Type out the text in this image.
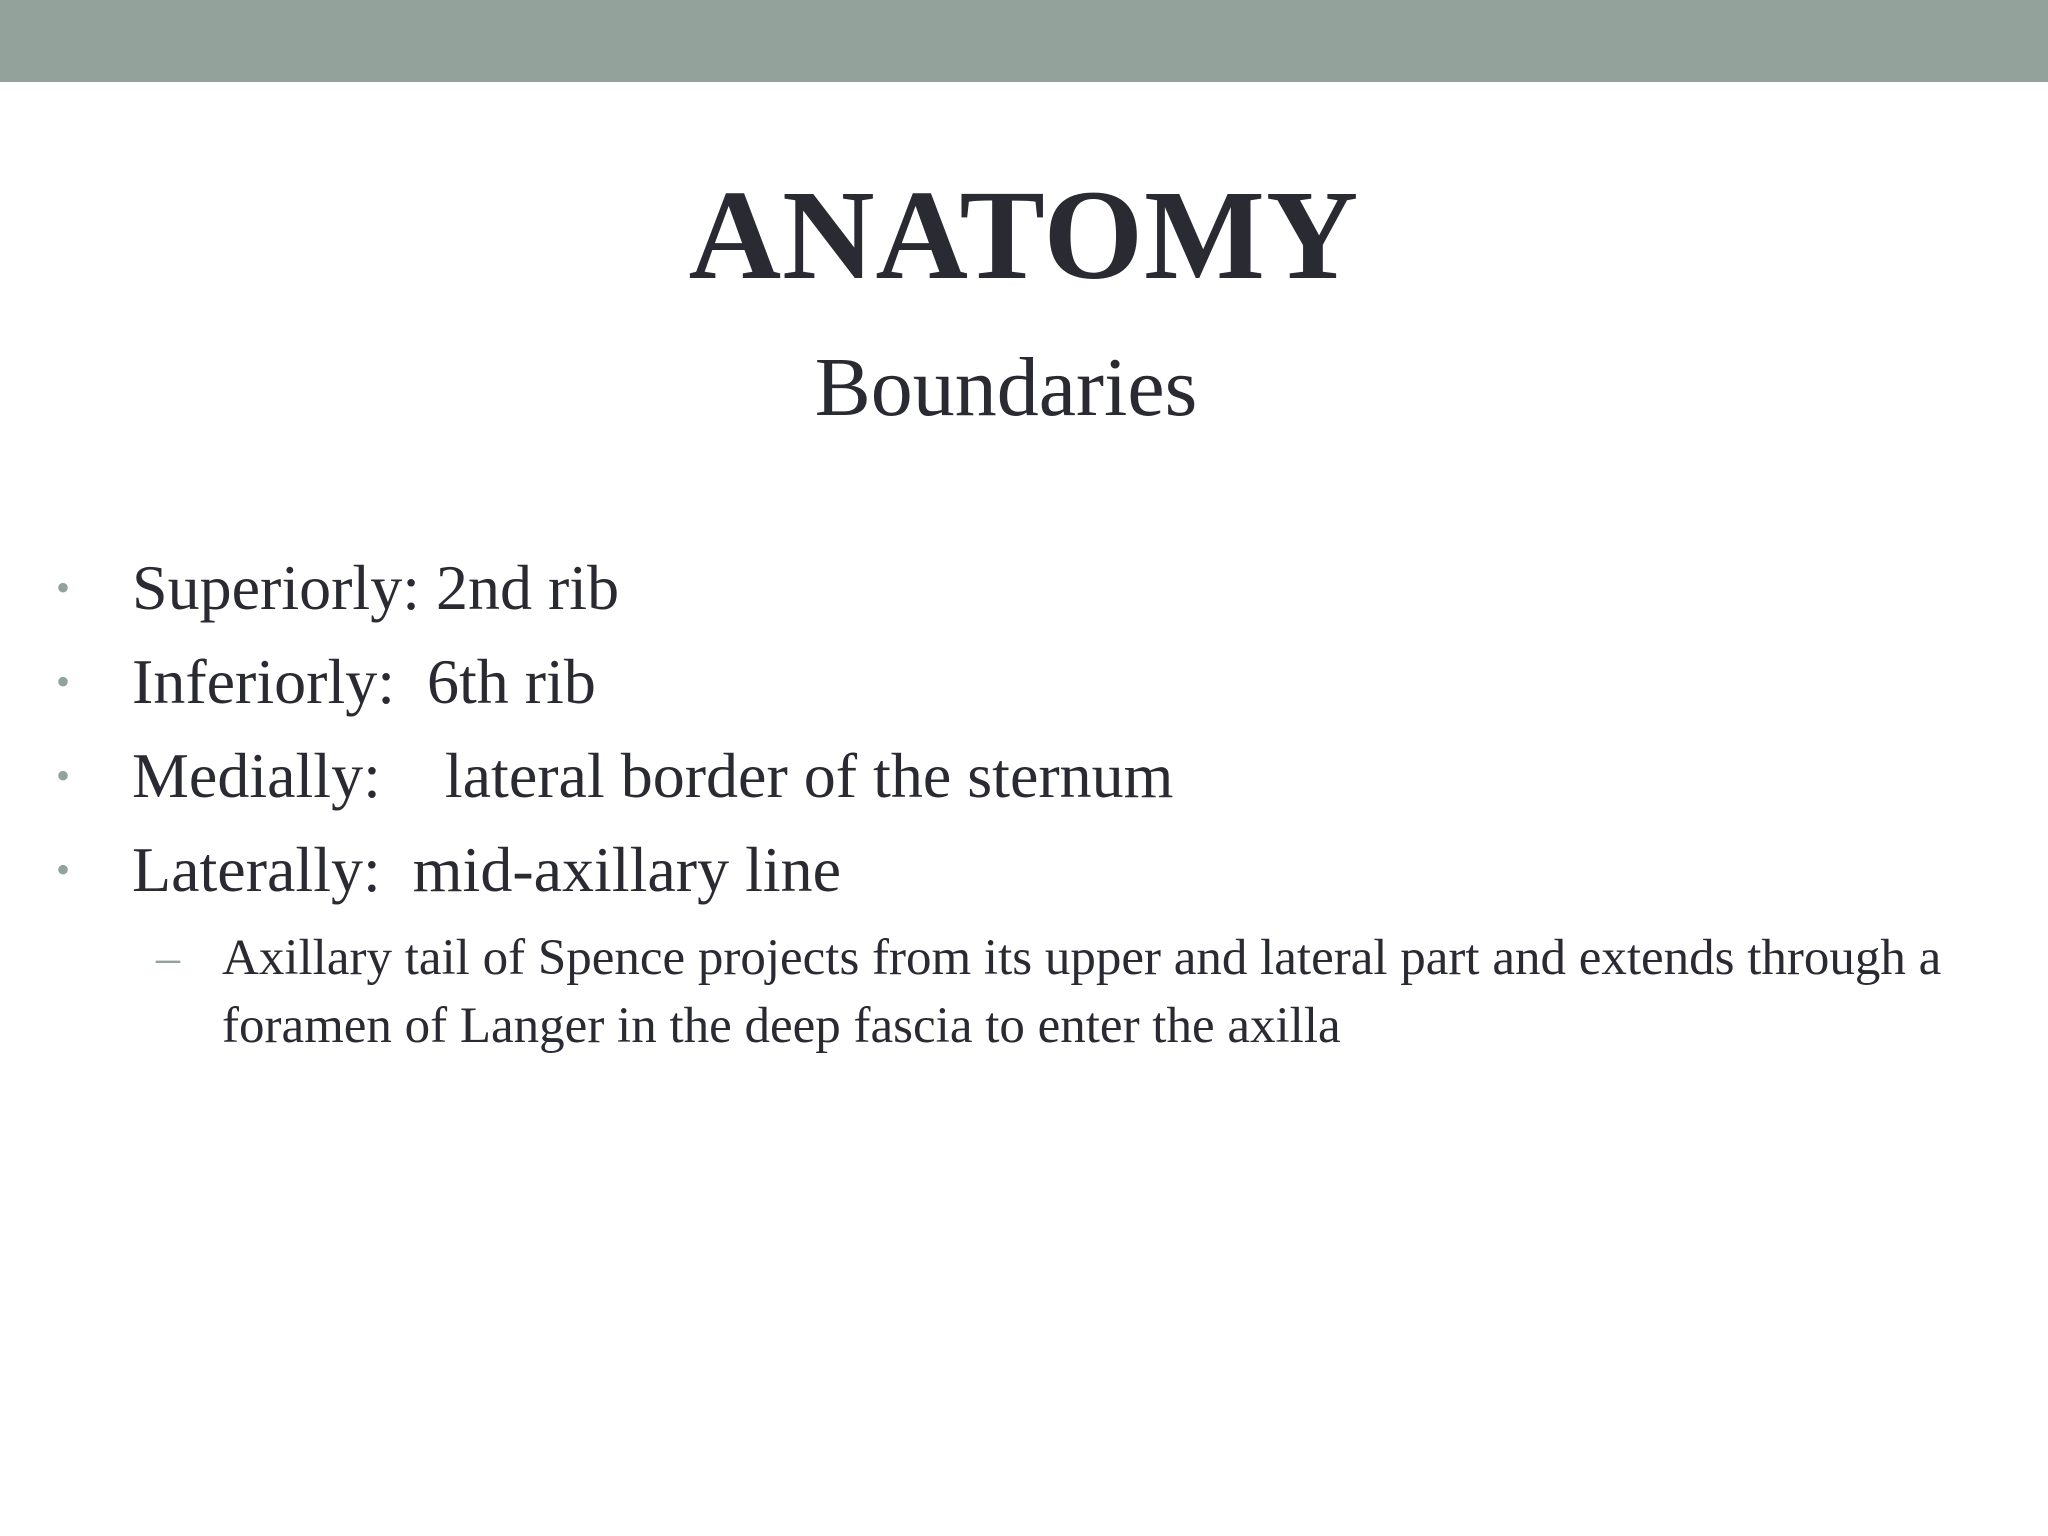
ANATOMY
Boundaries

•

Superiorly: 2nd rib

•

Inferiorly:  6th rib

•

Medially:    lateral border of the sternum

•

Laterally:  mid-axillary line

– Axillary tail of Spence projects from its upper and lateral part and extends through a foramen of Langer in the deep fascia to enter the axilla
